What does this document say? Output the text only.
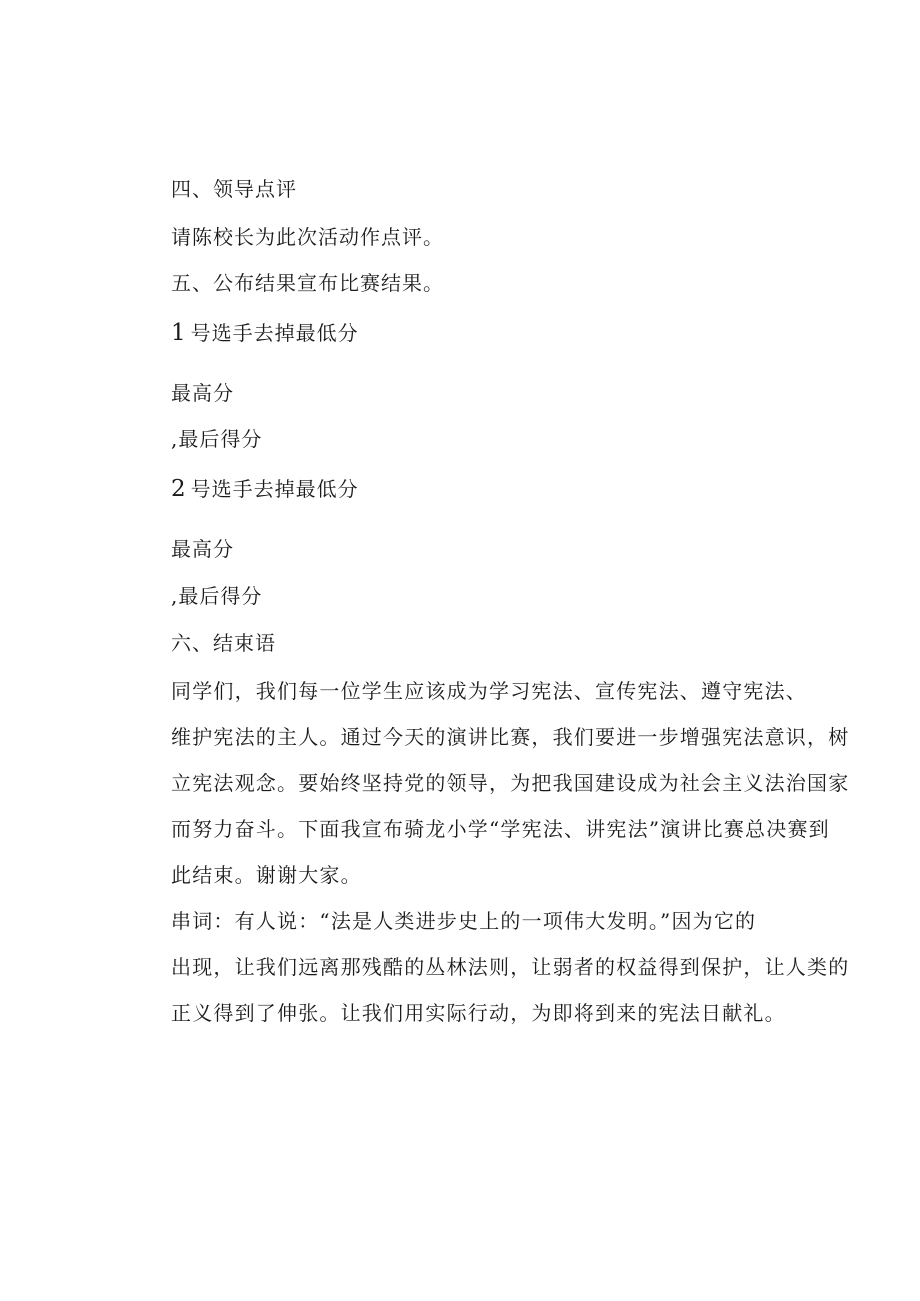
四、领导点评
请陈校长为此次活动作点评。
五、公布结果宣布比赛结果。
1 号选手去掉最低分
最高分
,最后得分
2 号选手去掉最低分
最高分
,最后得分
六、结束语
同学们，我们每一位学生应该成为学习宪法、宣传宪法、遵守宪法、
维护宪法的主人。通过今天的演讲比赛，我们要进一步增强宪法意识，树
立宪法观念。要始终坚持党的领导，为把我国建设成为社会主义法治国家
而努力奋斗。下面我宣布骑龙小学“学宪法、讲宪法”演讲比赛总决赛到
此结束。谢谢大家。
串词：有人说：“法是人类进步史上的一项伟大发明。”因为它的
出现，让我们远离那残酷的丛林法则，让弱者的权益得到保护，让人类的
正义得到了伸张。让我们用实际行动，为即将到来的宪法日献礼。
